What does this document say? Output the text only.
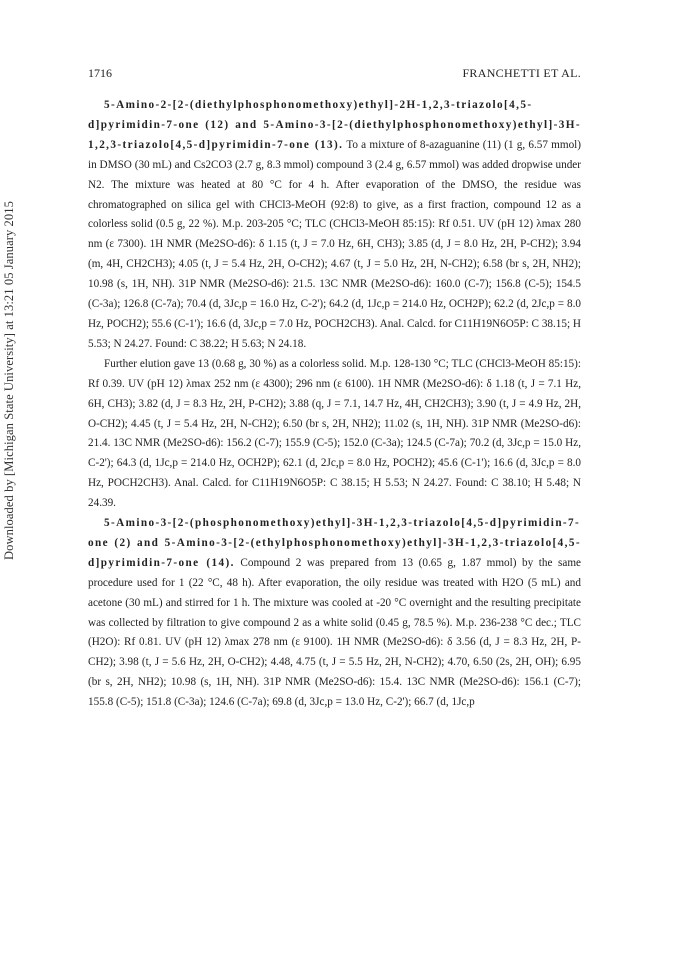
Downloaded by [Michigan State University] at 13:21 05 January 2015
1716	FRANCHETTI ET AL.

5-Amino-2-[2-(diethylphosphonomethoxy)ethyl]-2H-1,2,3-triazolo[4,5-d]pyrimidin-7-one (12) and 5-Amino-3-[2-(diethylphosphonomethoxy)ethyl]-3H-1,2,3-triazolo[4,5-d]pyrimidin-7-one (13). To a mixture of 8-azaguanine (11) (1 g, 6.57 mmol) in DMSO (30 mL) and Cs2CO3 (2.7 g, 8.3 mmol) compound 3 (2.4 g, 6.57 mmol) was added dropwise under N2. The mixture was heated at 80 °C for 4 h. After evaporation of the DMSO, the residue was chromatographed on silica gel with CHCl3-MeOH (92:8) to give, as a first fraction, compound 12 as a colorless solid (0.5 g, 22 %). M.p. 203-205 °C; TLC (CHCl3-MeOH 85:15): Rf 0.51. UV (pH 12) λmax 280 nm (ε 7300). 1H NMR (Me2SO-d6): δ 1.15 (t, J = 7.0 Hz, 6H, CH3); 3.85 (d, J = 8.0 Hz, 2H, P-CH2); 3.94 (m, 4H, CH2CH3); 4.05 (t, J = 5.4 Hz, 2H, O-CH2); 4.67 (t, J = 5.0 Hz, 2H, N-CH2); 6.58 (br s, 2H, NH2); 10.98 (s, 1H, NH). 31P NMR (Me2SO-d6): 21.5. 13C NMR (Me2SO-d6): 160.0 (C-7); 156.8 (C-5); 154.5 (C-3a); 126.8 (C-7a); 70.4 (d, 3Jc,p = 16.0 Hz, C-2'); 64.2 (d, 1Jc,p = 214.0 Hz, OCH2P); 62.2 (d, 2Jc,p = 8.0 Hz, POCH2); 55.6 (C-1'); 16.6 (d, 3Jc,p = 7.0 Hz, POCH2CH3). Anal. Calcd. for C11H19N6O5P: C 38.15; H 5.53; N 24.27. Found: C 38.22; H 5.63; N 24.18.

Further elution gave 13 (0.68 g, 30 %) as a colorless solid. M.p. 128-130 °C; TLC (CHCl3-MeOH 85:15): Rf 0.39. UV (pH 12) λmax 252 nm (ε 4300); 296 nm (ε 6100). 1H NMR (Me2SO-d6): δ 1.18 (t, J = 7.1 Hz, 6H, CH3); 3.82 (d, J = 8.3 Hz, 2H, P-CH2); 3.88 (q, J = 7.1, 14.7 Hz, 4H, CH2CH3); 3.90 (t, J = 4.9 Hz, 2H, O-CH2); 4.45 (t, J = 5.4 Hz, 2H, N-CH2); 6.50 (br s, 2H, NH2); 11.02 (s, 1H, NH). 31P NMR (Me2SO-d6): 21.4. 13C NMR (Me2SO-d6): 156.2 (C-7); 155.9 (C-5); 152.0 (C-3a); 124.5 (C-7a); 70.2 (d, 3Jc,p = 15.0 Hz, C-2'); 64.3 (d, 1Jc,p = 214.0 Hz, OCH2P); 62.1 (d, 2Jc,p = 8.0 Hz, POCH2); 45.6 (C-1'); 16.6 (d, 3Jc,p = 8.0 Hz, POCH2CH3). Anal. Calcd. for C11H19N6O5P: C 38.15; H 5.53; N 24.27. Found: C 38.10; H 5.48; N 24.39.

5-Amino-3-[2-(phosphonomethoxy)ethyl]-3H-1,2,3-triazolo[4,5-d]pyrimidin-7-one (2) and 5-Amino-3-[2-(ethylphosphonomethoxy)ethyl]-3H-1,2,3-triazolo[4,5-d]pyrimidin-7-one (14). Compound 2 was prepared from 13 (0.65 g, 1.87 mmol) by the same procedure used for 1 (22 °C, 48 h). After evaporation, the oily residue was treated with H2O (5 mL) and acetone (30 mL) and stirred for 1 h. The mixture was cooled at -20 °C overnight and the resulting precipitate was collected by filtration to give compound 2 as a white solid (0.45 g, 78.5 %). M.p. 236-238 °C dec.; TLC (H2O): Rf 0.81. UV (pH 12) λmax 278 nm (ε 9100). 1H NMR (Me2SO-d6): δ 3.56 (d, J = 8.3 Hz, 2H, P-CH2); 3.98 (t, J = 5.6 Hz, 2H, O-CH2); 4.48, 4.75 (t, J = 5.5 Hz, 2H, N-CH2); 4.70, 6.50 (2s, 2H, OH); 6.95 (br s, 2H, NH2); 10.98 (s, 1H, NH). 31P NMR (Me2SO-d6): 15.4. 13C NMR (Me2SO-d6): 156.1 (C-7); 155.8 (C-5); 151.8 (C-3a); 124.6 (C-7a); 69.8 (d, 3Jc,p = 13.0 Hz, C-2'); 66.7 (d, 1Jc,p
